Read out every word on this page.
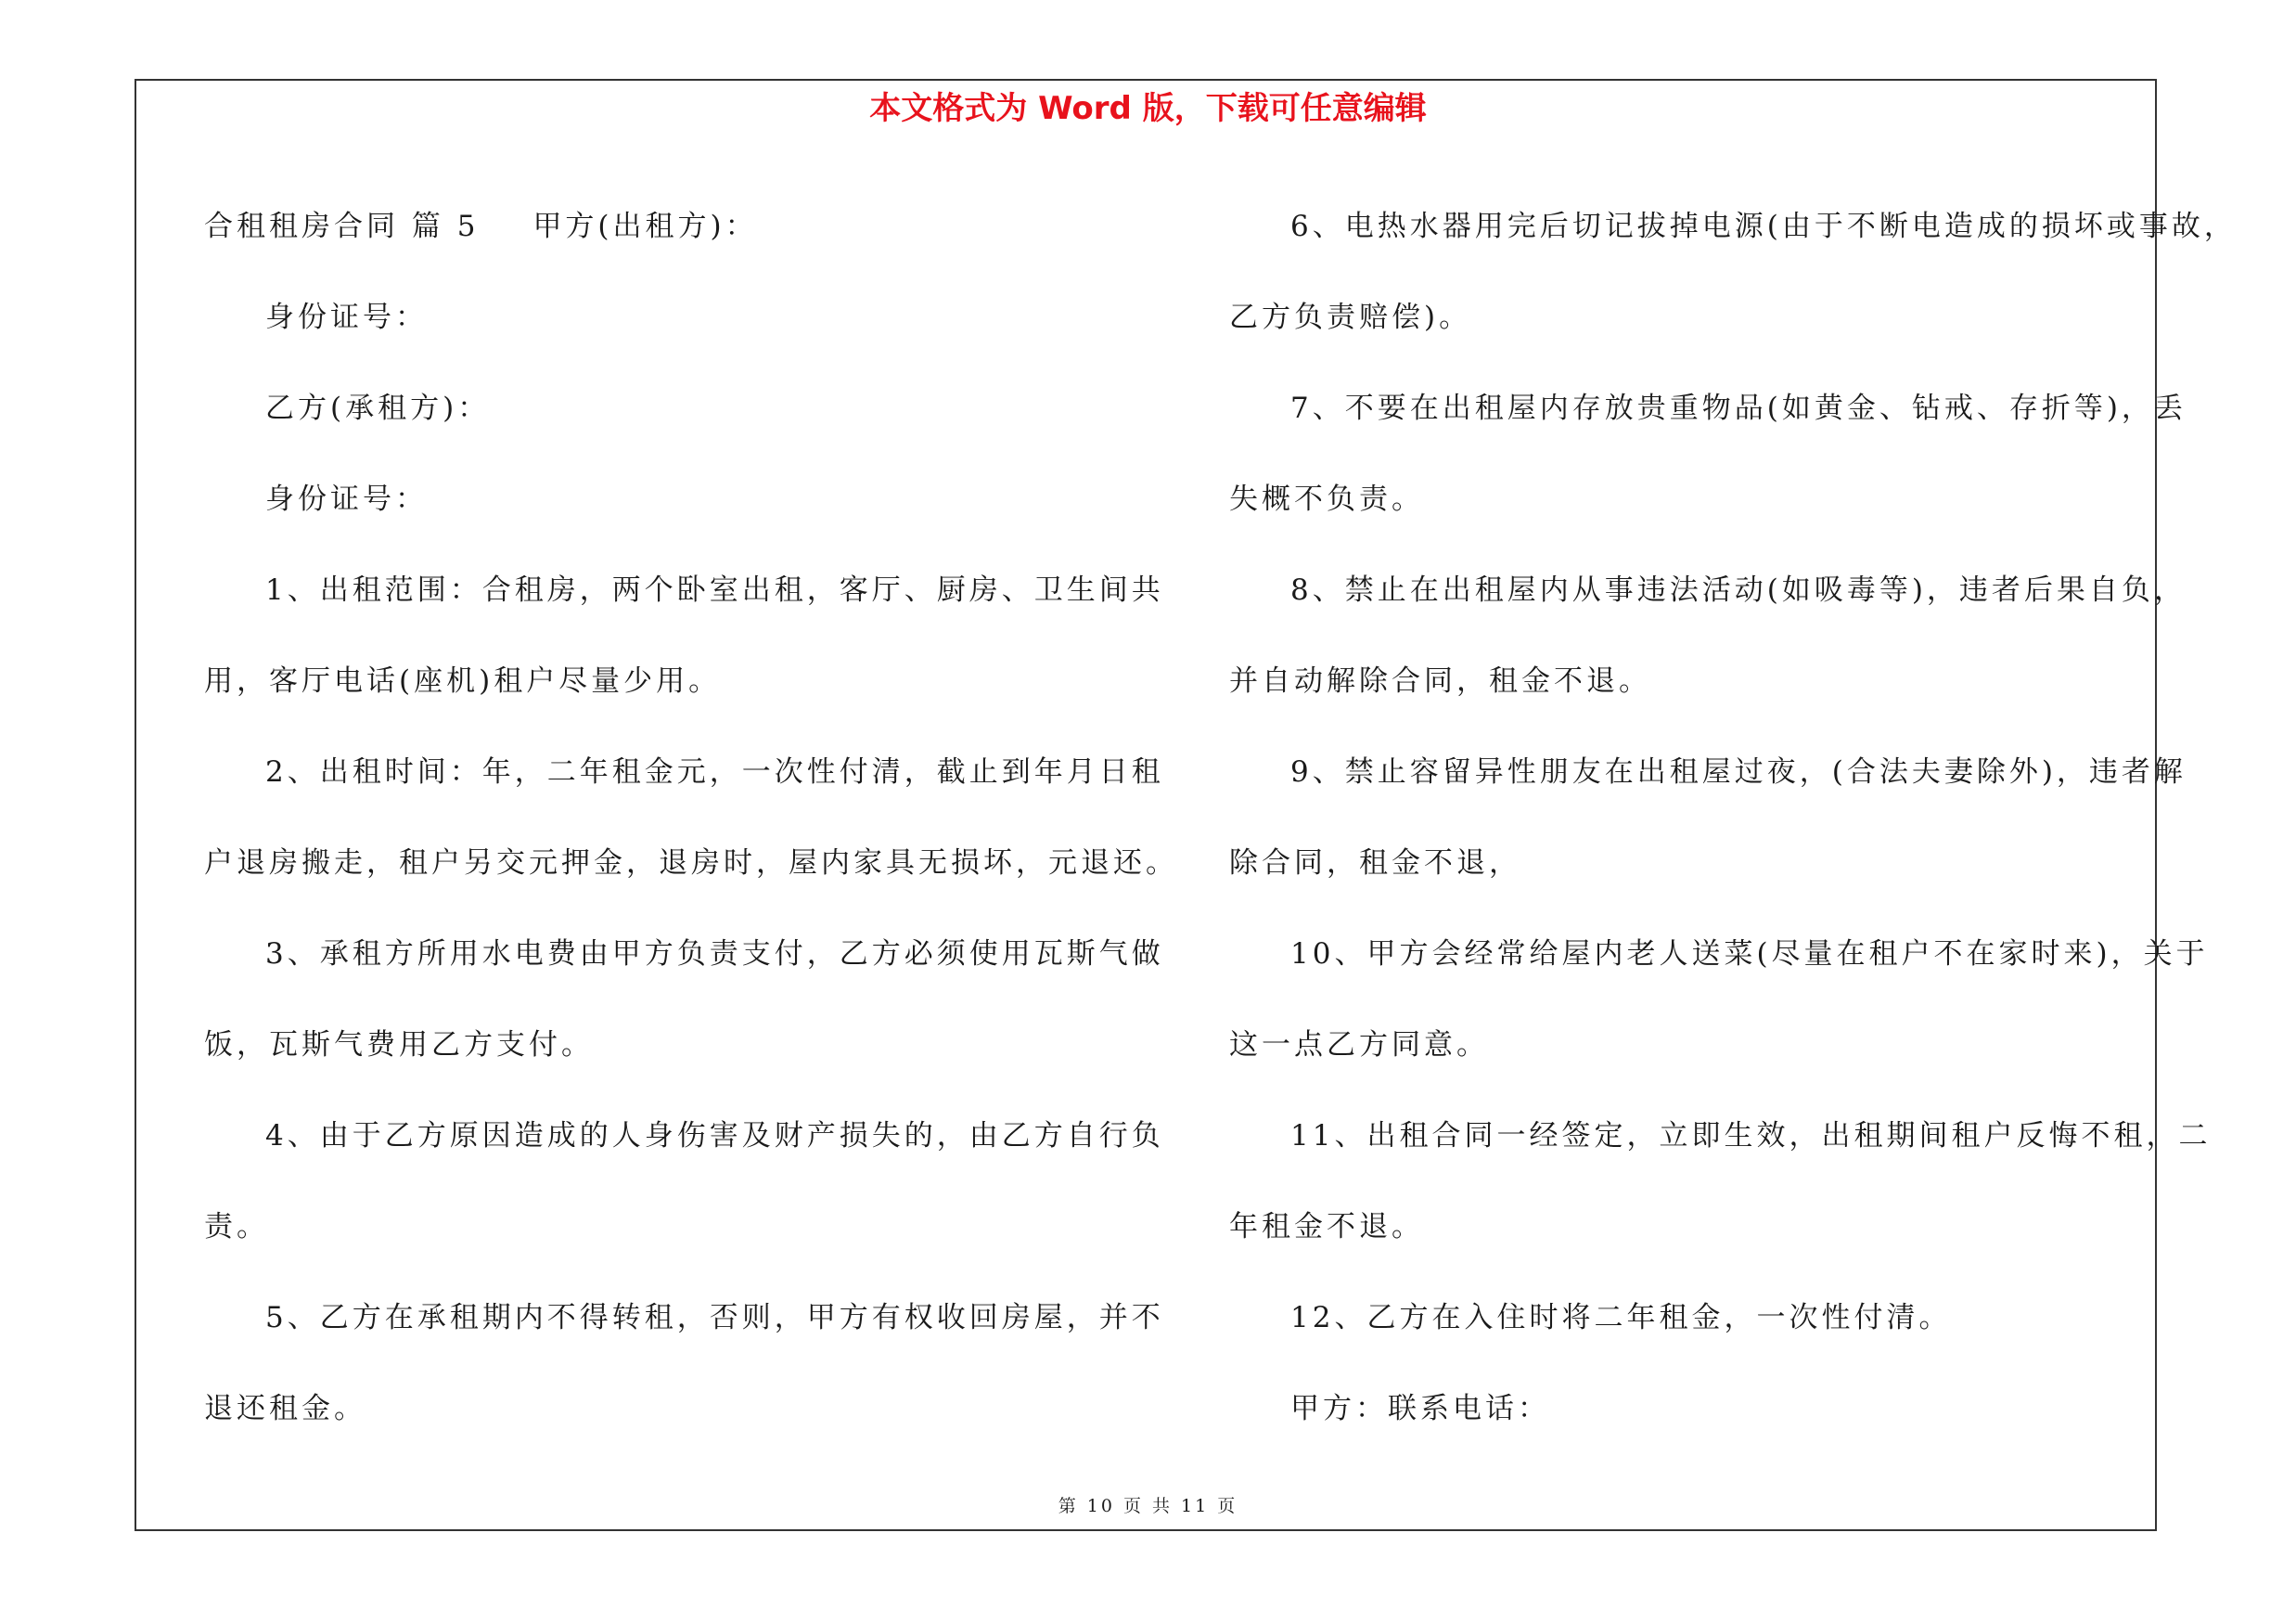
本文格式为 Word 版，下载可任意编辑
合租租房合同 篇 5 甲方(出租方)：
身份证号：
乙方(承租方)：
身份证号：
1、出租范围：合租房，两个卧室出租，客厅、厨房、卫生间共
用，客厅电话(座机)租户尽量少用。
2、出租时间：年，二年租金元，一次性付清，截止到年月日租
户退房搬走，租户另交元押金，退房时，屋内家具无损坏，元退还。
3、承租方所用水电费由甲方负责支付，乙方必须使用瓦斯气做
饭，瓦斯气费用乙方支付。
4、由于乙方原因造成的人身伤害及财产损失的，由乙方自行负
责。
5、乙方在承租期内不得转租，否则，甲方有权收回房屋，并不
退还租金。
6、电热水器用完后切记拔掉电源(由于不断电造成的损坏或事故，
乙方负责赔偿)。
7、不要在出租屋内存放贵重物品(如黄金、钻戒、存折等)，丢
失概不负责。
8、禁止在出租屋内从事违法活动(如吸毒等)，违者后果自负，
并自动解除合同，租金不退。
9、禁止容留异性朋友在出租屋过夜，(合法夫妻除外)，违者解
除合同，租金不退，
10、甲方会经常给屋内老人送菜(尽量在租户不在家时来)，关于
这一点乙方同意。
11、出租合同一经签定，立即生效，出租期间租户反悔不租，二
年租金不退。
12、乙方在入住时将二年租金，一次性付清。
甲方：联系电话：
第 10 页 共 11 页
